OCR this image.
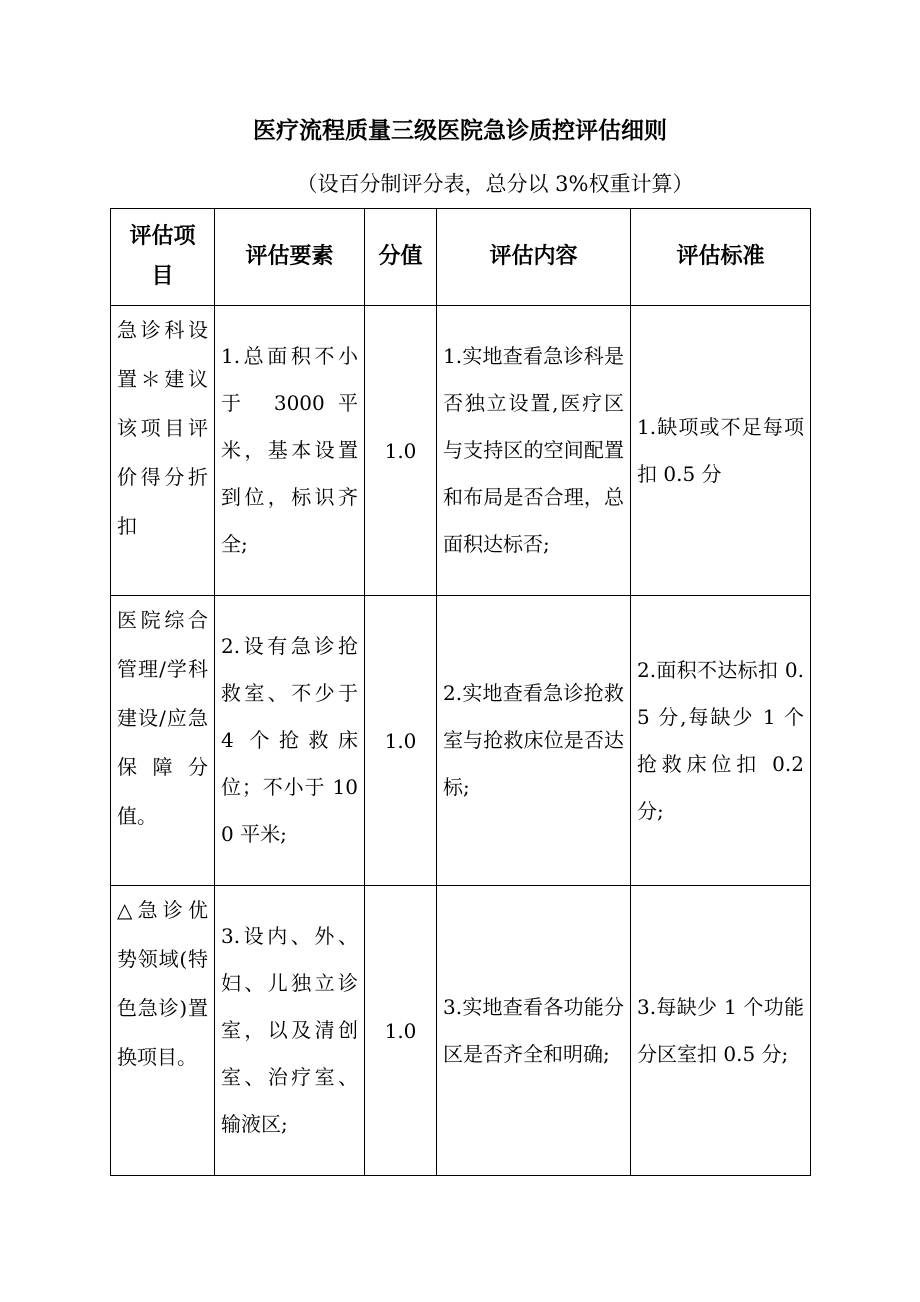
医疗流程质量三级医院急诊质控评估细则
（设百分制评分表，总分以 3%权重计算）
评估项目	评估要素	分值	评估内容	评估标准

急诊科设置＊建议该项目评价得分折扣	1.总面积不小于 3000平米，基本设置到位，标识齐全;	1.0	1.实地查看急诊科是否独立设置,医疗区与支持区的空间配置和布局是否合理，总面积达标否;	1.缺项或不足每项扣 0.5 分

医院综合管理/学科建设/应急保障分值。	2.设有急诊抢救室、不少于 4 个抢救床位；不小于 100 平米;	1.0	2.实地查看急诊抢救室与抢救床位是否达标;	2.面积不达标扣 0.5 分,每缺少 1 个抢救床位扣 0.2 分;

△急诊优势领域(特色急诊)置换项目。	3.设内、外、妇、儿独立诊室，以及清创室、治疗室、输液区;	1.0	3.实地查看各功能分区是否齐全和明确;	3.每缺少 1 个功能分区室扣 0.5 分;
